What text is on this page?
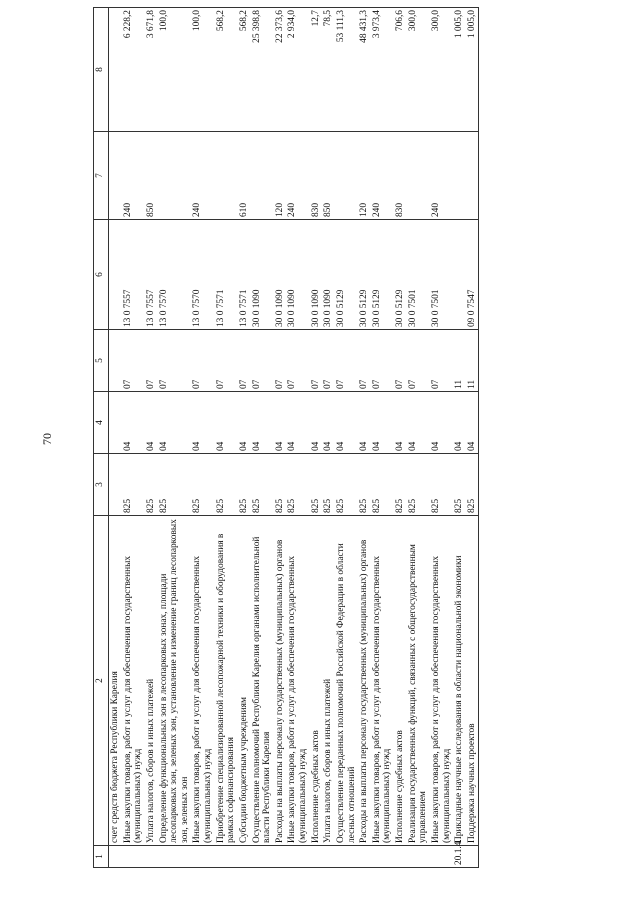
70
1	2	3	4	5	6	7	8
	счет средств бюджета Республики Карелия						
	Иные закупки товаров, работ и услуг для обеспечения государственных (муниципальных) нужд	825	04	07	13 0 7557	240	6 228,2
	Уплата налогов, сборов и иных платежей	825	04	07	13 0 7557	850	3 671,8
	Определение функциональных зон в лесопарковых зонах, площади лесопарковых зон, зеленых зон, установление и изменение границ лесопарковых зон, зеленых зон	825	04	07	13 0 7570		100,0
	Иные закупки товаров, работ и услуг для обеспечения государственных (муниципальных) нужд	825	04	07	13 0 7570	240	100,0
	Приобретение специализированной лесопожарной техники и оборудования в рамках софинансирования	825	04	07	13 0 7571		568,2
	Субсидии бюджетным учреждениям	825	04	07	13 0 7571	610	568,2
	Осуществление полномочий Республики Карелия органами исполнительной власти Республики Карелия	825	04	07	30 0 1090		25 398,8
	Расходы на выплаты персоналу государственных (муниципальных) органов	825	04	07	30 0 1090	120	22 373,6
	Иные закупки товаров, работ и услуг для обеспечения государственных (муниципальных) нужд	825	04	07	30 0 1090	240	2 934,0
	Исполнение судебных актов	825	04	07	30 0 1090	830	12,7
	Уплата налогов, сборов и иных платежей	825	04	07	30 0 1090	850	78,5
	Осуществление переданных полномочий Российской Федерации в области лесных отношений	825	04	07	30 0 5129		53 111,3
	Расходы на выплаты персоналу государственных (муниципальных) органов	825	04	07	30 0 5129	120	48 431,3
	Иные закупки товаров, работ и услуг для обеспечения государственных (муниципальных) нужд	825	04	07	30 0 5129	240	3 973,4
	Исполнение судебных актов	825	04	07	30 0 5129	830	706,6
	Реализация государственных функций, связанных с общегосударственным управлением	825	04	07	30 0 7501		300,0
	Иные закупки товаров, работ и услуг для обеспечения государственных (муниципальных) нужд	825	04	07	30 0 7501	240	300,0
20.1.4.	Прикладные научные исследования в области национальной экономики	825	04	11			1 005,0
	Поддержка научных проектов	825	04	11	09 0 7547		1 005,0
